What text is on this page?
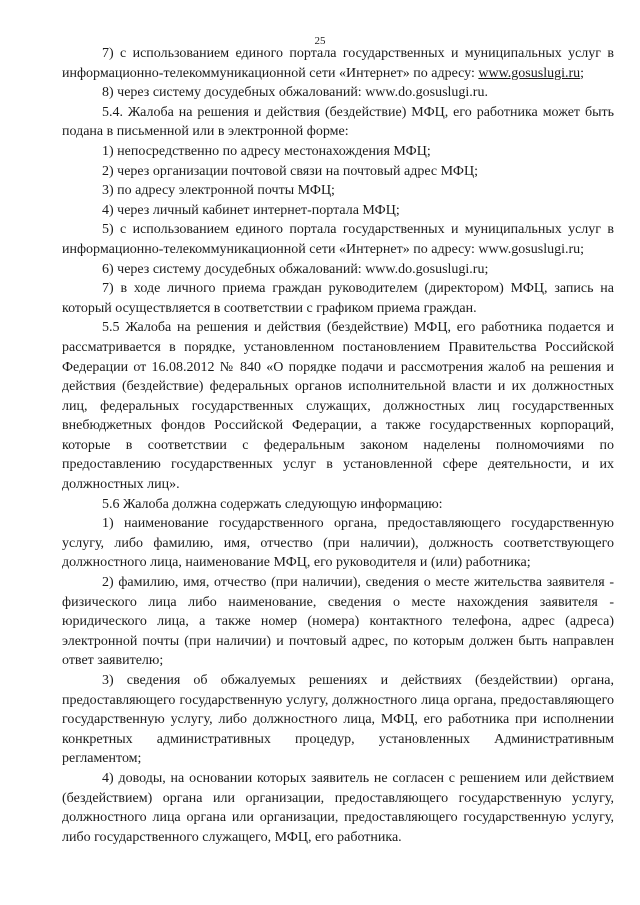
25

7) с использованием единого портала государственных и муниципальных услуг в информационно-телекоммуникационной сети «Интернет» по адресу: www.gosuslugi.ru;

8) через систему досудебных обжалований: www.do.gosuslugi.ru.

5.4. Жалоба на решения и действия (бездействие) МФЦ, его работника может быть подана в письменной или в электронной форме:

1) непосредственно по адресу местонахождения МФЦ;

2) через организации почтовой связи на почтовый адрес МФЦ;

3) по адресу электронной почты МФЦ;

4) через личный кабинет интернет-портала МФЦ;

5) с использованием единого портала государственных и муниципальных услуг в информационно-телекоммуникационной сети «Интернет» по адресу: www.gosuslugi.ru;

6) через систему досудебных обжалований: www.do.gosuslugi.ru;

7) в ходе личного приема граждан руководителем (директором) МФЦ, запись на который осуществляется в соответствии с графиком приема граждан.

5.5 Жалоба на решения и действия (бездействие) МФЦ, его работника подается и рассматривается в порядке, установленном постановлением Правительства Российской Федерации от 16.08.2012 № 840 «О порядке подачи и рассмотрения жалоб на решения и действия (бездействие) федеральных органов исполнительной власти и их должностных лиц, федеральных государственных служащих, должностных лиц государственных внебюджетных фондов Российской Федерации, а также государственных корпораций, которые в соответствии с федеральным законом наделены полномочиями по предоставлению государственных услуг в установленной сфере деятельности, и их должностных лиц».

5.6 Жалоба должна содержать следующую информацию:

1) наименование государственного органа, предоставляющего государственную услугу, либо фамилию, имя, отчество (при наличии), должность соответствующего должностного лица, наименование МФЦ, его руководителя и (или) работника;

2) фамилию, имя, отчество (при наличии), сведения о месте жительства заявителя - физического лица либо наименование, сведения о месте нахождения заявителя - юридического лица, а также номер (номера) контактного телефона, адрес (адреса) электронной почты (при наличии) и почтовый адрес, по которым должен быть направлен ответ заявителю;

3) сведения об обжалуемых решениях и действиях (бездействии) органа, предоставляющего государственную услугу, должностного лица органа, предоставляющего государственную услугу, либо должностного лица, МФЦ, его работника при исполнении конкретных административных процедур, установленных Административным регламентом;

4) доводы, на основании которых заявитель не согласен с решением или действием (бездействием) органа или организации, предоставляющего государственную услугу, должностного лица органа или организации, предоставляющего государственную услугу, либо государственного служащего, МФЦ, его работника.
